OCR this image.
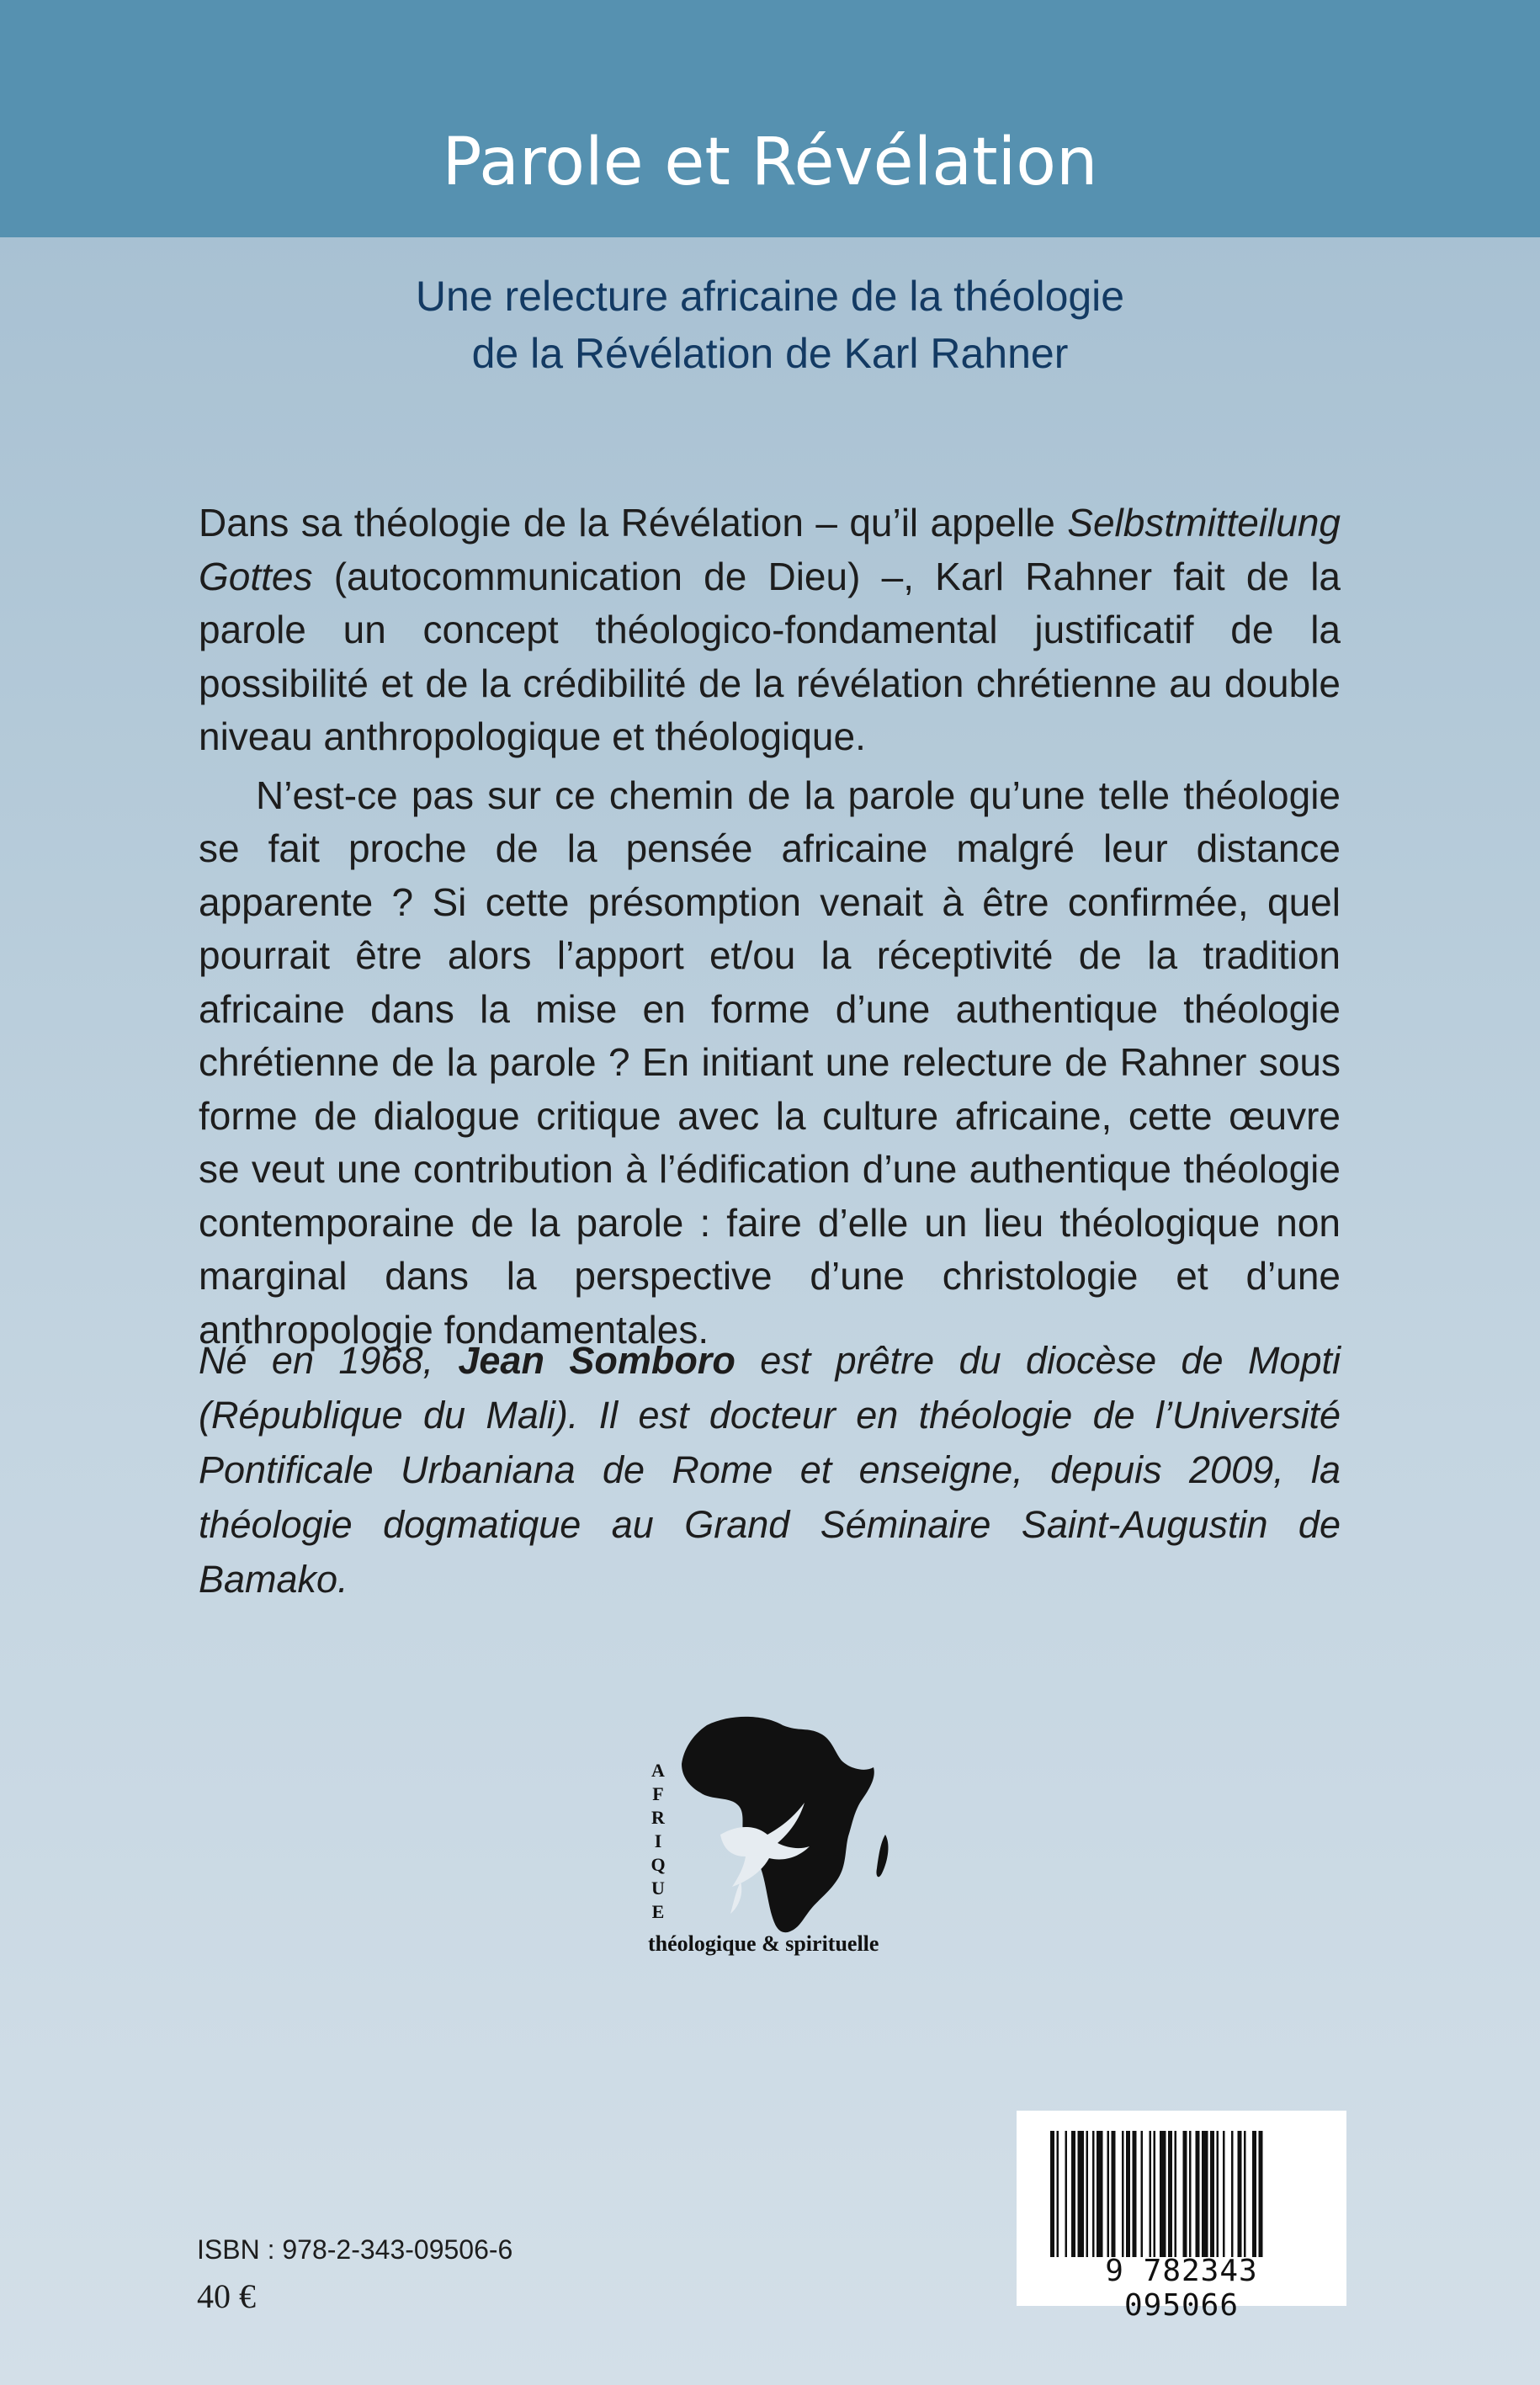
Parole et Révélation
Une relecture africaine de la théologie
de la Révélation de Karl Rahner

Dans sa théologie de la Révélation – qu’il appelle Selbstmitteilung Gottes (autocommunication de Dieu) –, Karl Rahner fait de la parole un concept théologico-fondamental justificatif de la possibilité et de la crédibilité de la révélation chrétienne au double niveau anthropologique et théologique.

N’est-ce pas sur ce chemin de la parole qu’une telle théologie se fait proche de la pensée africaine malgré leur distance apparente ? Si cette présomption venait à être confirmée, quel pourrait être alors l’apport et/ou la réceptivité de la tradition africaine dans la mise en forme d’une authentique théologie chrétienne de la parole ? En initiant une relecture de Rahner sous forme de dialogue critique avec la culture africaine, cette œuvre se veut une contribution à l’édification d’une authentique théologie contemporaine de la parole : faire d’elle un lieu théologique non marginal dans la perspective d’une christologie et d’une anthropologie fondamentales.

Né en 1968, Jean Somboro est prêtre du diocèse de Mopti (République du Mali). Il est docteur en théologie de l’Université Pontificale Urbaniana de Rome et enseigne, depuis 2009, la théologie dogmatique au Grand Séminaire Saint-Augustin de Bamako.
A
F
R
I
Q
U
E
théologique & spirituelle
ISBN : 978-2-343-09506-6
40 €
9 782343 095066
